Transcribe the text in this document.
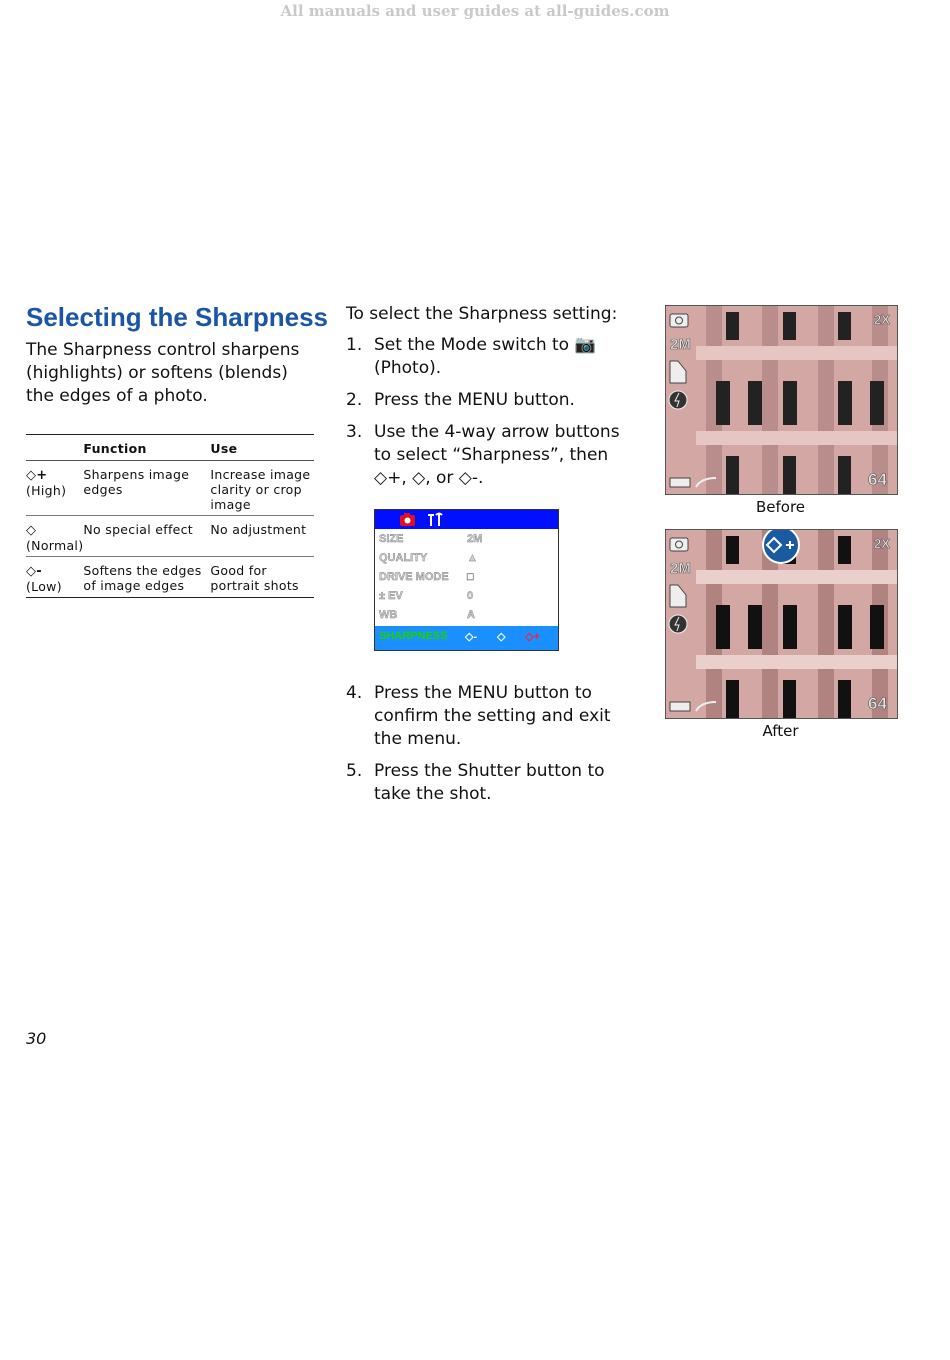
All manuals and user guides at all-guides.com
Selecting the Sharpness

The Sharpness control sharpens (highlights) or softens (blends) the edges of a photo.

	Function	Use
◇+
(High)	Sharpens image edges	Increase image clarity or crop image
◇
(Normal)	No special effect	No adjustment
◇-
(Low)	Softens the edges of image edges	Good for portrait shots

To select the Sharpness setting:

1. Set the Mode switch to 📷 (Photo).
2. Press the MENU button.
3. Use the 4-way arrow buttons to select “Sharpness”, then ◇+, ◇, or ◇-.
4. Press the MENU button to confirm the setting and exit the menu.
5. Press the Shutter button to take the shot.
SIZE	2M
QUALITY	▲
DRIVE MODE □
± EV	0
WB	A
SHARPNESS ◇- ◇ ◇+
2X
2M
64
Before
2X
2M
64
After
30
